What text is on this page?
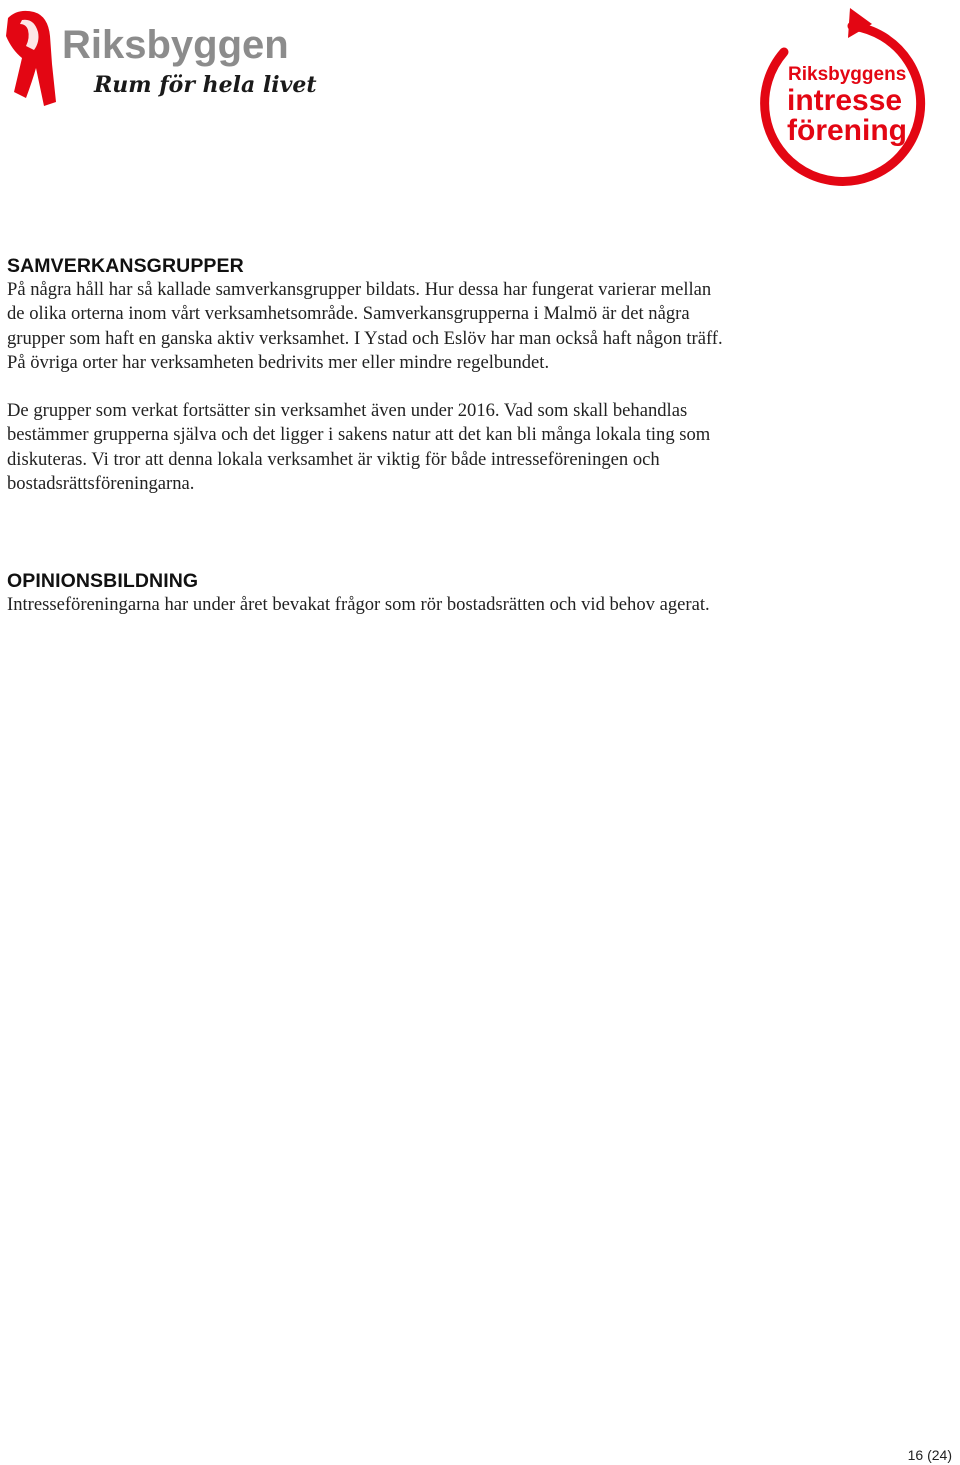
Riksbyggen
Rum för hela livet	Riksbyggens
intresse
förening
SAMVERKANSGRUPPER

På några håll har så kallade samverkansgrupper bildats. Hur dessa har fungerat varierar mellan de olika orterna inom vårt verksamhetsområde. Samverkansgrupperna i Malmö är det några grupper som haft en ganska aktiv verksamhet. I Ystad och Eslöv har man också haft någon träff. På övriga orter har verksamheten bedrivits mer eller mindre regelbundet.

De grupper som verkat fortsätter sin verksamhet även under 2016. Vad som skall behandlas bestämmer grupperna själva och det ligger i sakens natur att det kan bli många lokala ting som diskuteras. Vi tror att denna lokala verksamhet är viktig för både intresseföreningen och bostadsrättsföreningarna.

OPINIONSBILDNING

Intresseföreningarna har under året bevakat frågor som rör bostadsrätten och vid behov agerat.

16 (24)
